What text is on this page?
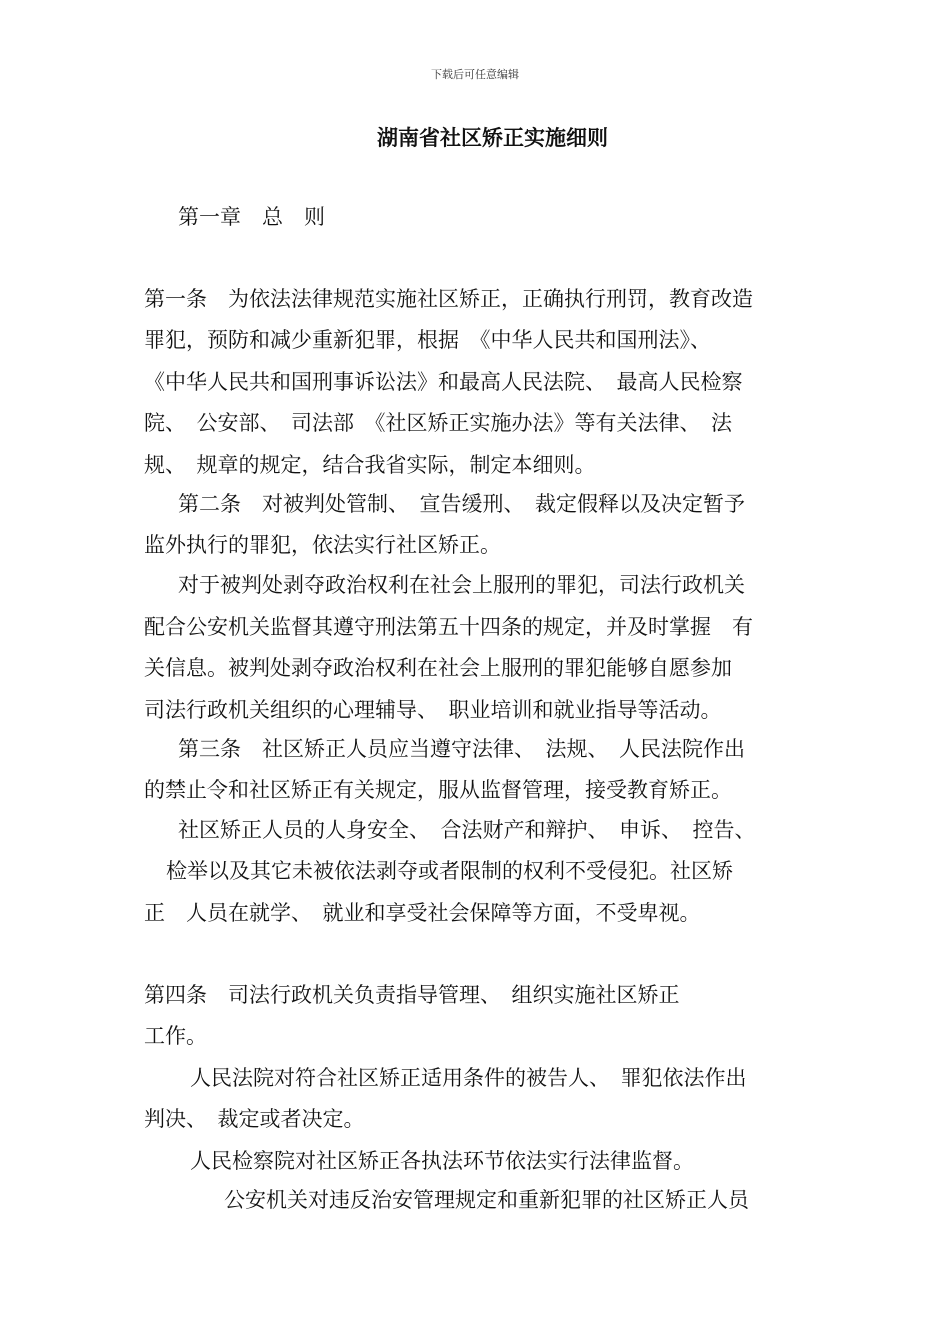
下载后可任意编辑
湖南省社区矫正实施细则
第一章　总　则
第一条　为依法法律规范实施社区矫正，正确执行刑罚，教育改造
罪犯，预防和减少重新犯罪，根据　《中华人民共和国刑法》、
《中华人民共和国刑事诉讼法》和最高人民法院、　最高人民检察
院、　公安部、　司法部　《社区矫正实施办法》等有关法律、　法
规、　规章的规定，结合我省实际，制定本细则。
第二条　对被判处管制、　宣告缓刑、　裁定假释以及决定暂予
监外执行的罪犯，依法实行社区矫正。
对于被判处剥夺政治权利在社会上服刑的罪犯，司法行政机关
配合公安机关监督其遵守刑法第五十四条的规定，并及时掌握　有
关信息。被判处剥夺政治权利在社会上服刑的罪犯能够自愿参加
司法行政机关组织的心理辅导、　职业培训和就业指导等活动。
第三条　社区矫正人员应当遵守法律、　法规、　人民法院作出
的禁止令和社区矫正有关规定，服从监督管理，接受教育矫正。
社区矫正人员的人身安全、　合法财产和辩护、　申诉、　控告、
检举以及其它未被依法剥夺或者限制的权利不受侵犯。社区矫
正　人员在就学、　就业和享受社会保障等方面，不受卑视。
第四条　司法行政机关负责指导管理、　组织实施社区矫正
工作。
人民法院对符合社区矫正适用条件的被告人、　罪犯依法作出
判决、　裁定或者决定。
人民检察院对社区矫正各执法环节依法实行法律监督。
公安机关对违反治安管理规定和重新犯罪的社区矫正人员
